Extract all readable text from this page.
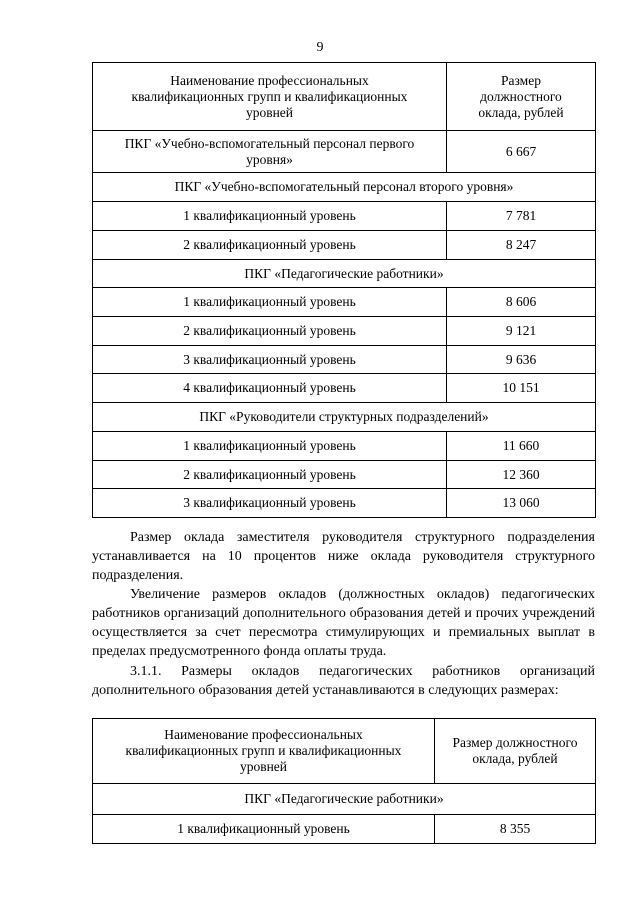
9
Наименование профессиональных квалификационных групп и квалификационных уровней	Размер должностного оклада, рублей
ПКГ «Учебно-вспомогательный персонал первого уровня»	6 667
ПКГ «Учебно-вспомогательный персонал второго уровня»	
1 квалификационный уровень	7 781
2 квалификационный уровень	8 247
ПКГ «Педагогические работники»	
1 квалификационный уровень	8 606
2 квалификационный уровень	9 121
3 квалификационный уровень	9 636
4 квалификационный уровень	10 151
ПКГ «Руководители структурных подразделений»	
1 квалификационный уровень	11 660
2 квалификационный уровень	12 360
3 квалификационный уровень	13 060

Размер оклада заместителя руководителя структурного подразделения устанавливается на 10 процентов ниже оклада руководителя структурного подразделения.

Увеличение размеров окладов (должностных окладов) педагогических работников организаций дополнительного образования детей и прочих учреждений осуществляется за счет пересмотра стимулирующих и премиальных выплат в пределах предусмотренного фонда оплаты труда.

3.1.1. Размеры окладов педагогических работников организаций дополнительного образования детей устанавливаются в следующих размерах:

Наименование профессиональных квалификационных групп и квалификационных уровней	Размер должностного оклада, рублей
ПКГ «Педагогические работники»	
1 квалификационный уровень	8 355
